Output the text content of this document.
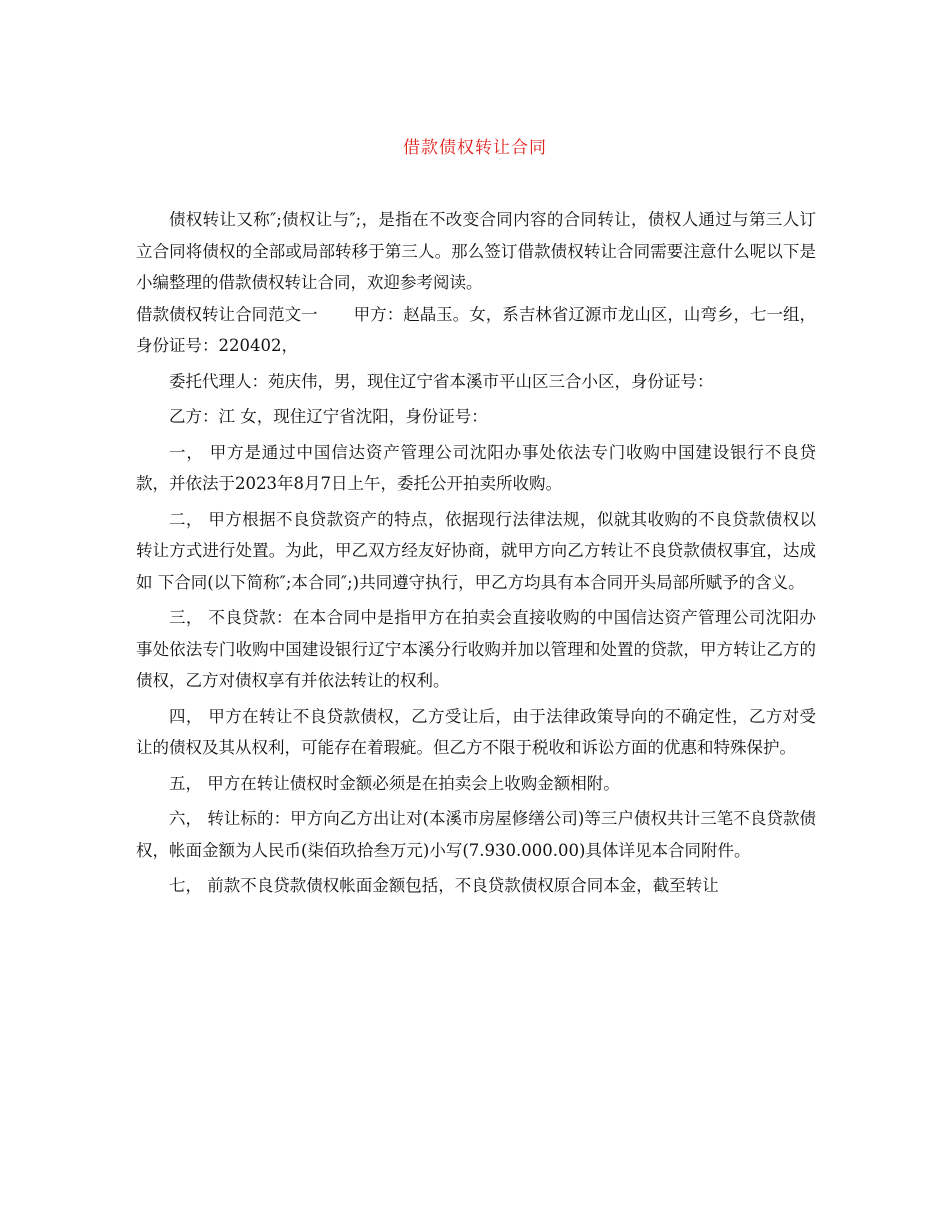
借款债权转让合同

债权转让又称″;债权让与″;，是指在不改变合同内容的合同转让，债权人通过与第三人订立合同将债权的全部或局部转移于第三人。那么签订借款债权转让合同需要注意什么呢以下是小编整理的借款债权转让合同，欢迎参考阅读。

借款债权转让合同范文一 甲方：赵晶玉。女，系吉林省辽源市龙山区，山弯乡，七一组，身份证号：220402，

委托代理人：苑庆伟，男，现住辽宁省本溪市平山区三合小区，身份证号：

乙方：江 女，现住辽宁省沈阳，身份证号：

一， 甲方是通过中国信达资产管理公司沈阳办事处依法专门收购中国建设银行不良贷款，并依法于2023年8月7日上午，委托公开拍卖所收购。

二， 甲方根据不良贷款资产的特点，依据现行法律法规，似就其收购的不良贷款债权以转让方式进行处置。为此，甲乙双方经友好协商，就甲方向乙方转让不良贷款债权事宜，达成如 下合同(以下简称″;本合同″;)共同遵守执行，甲乙方均具有本合同开头局部所赋予的含义。

三， 不良贷款：在本合同中是指甲方在拍卖会直接收购的中国信达资产管理公司沈阳办事处依法专门收购中国建设银行辽宁本溪分行收购并加以管理和处置的贷款，甲方转让乙方的债权，乙方对债权享有并依法转让的权利。

四， 甲方在转让不良贷款债权，乙方受让后，由于法律政策导向的不确定性，乙方对受让的债权及其从权利，可能存在着瑕疵。但乙方不限于税收和诉讼方面的优惠和特殊保护。

五， 甲方在转让债权时金额必须是在拍卖会上收购金额相附。

六， 转让标的：甲方向乙方出让对(本溪市房屋修缮公司)等三户债权共计三笔不良贷款债权，帐面金额为人民币(柒佰玖拾叁万元)小写(7.930.000.00)具体详见本合同附件。

七， 前款不良贷款债权帐面金额包括，不良贷款债权原合同本金，截至转让
